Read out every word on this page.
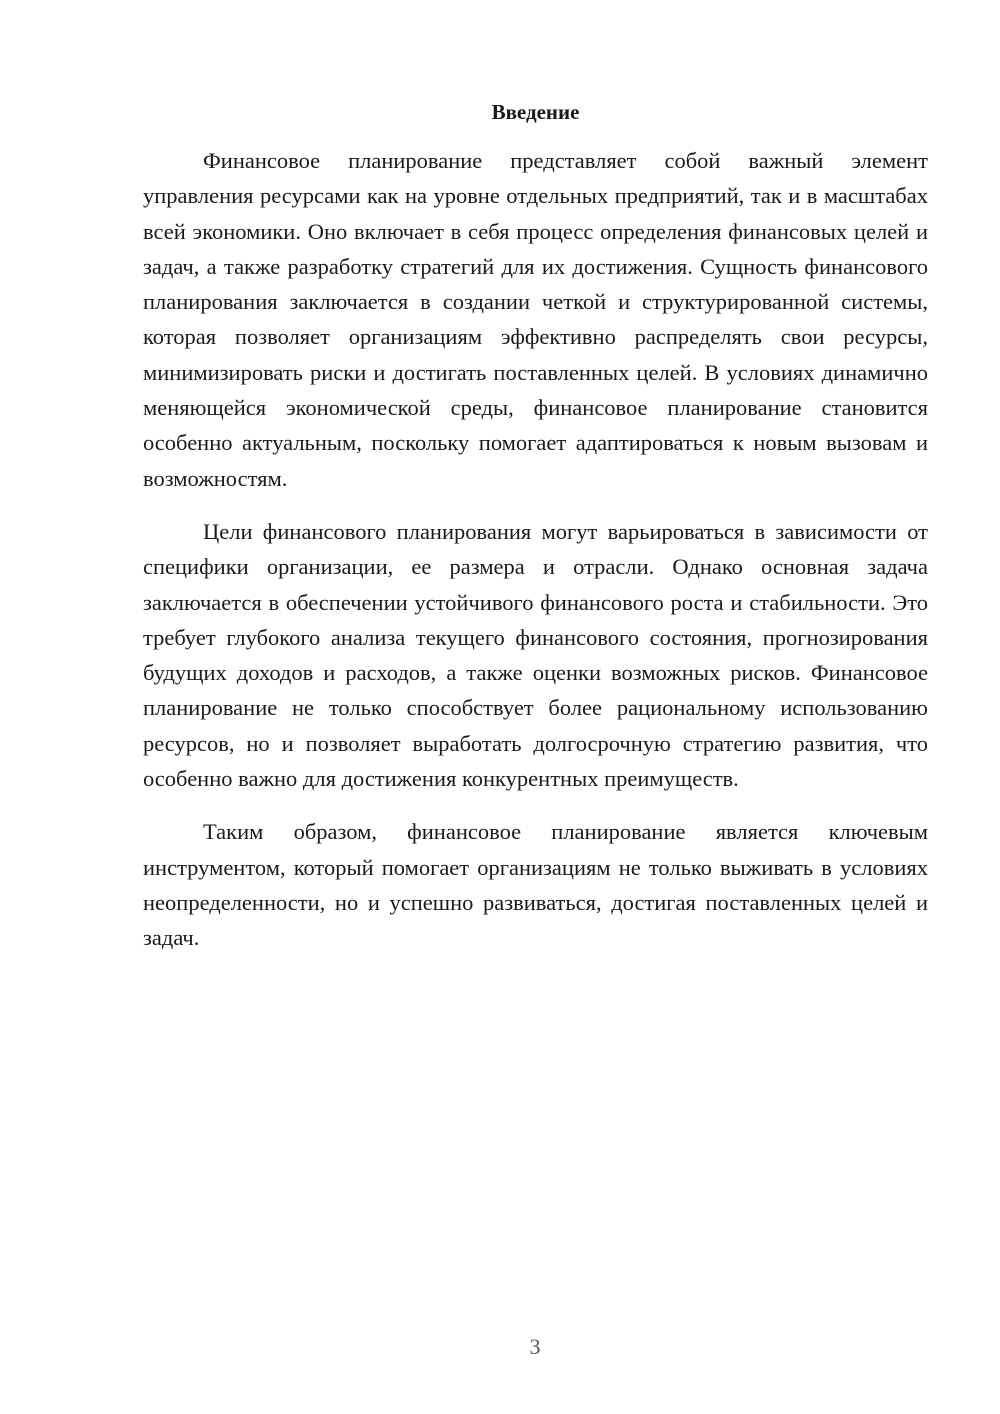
Введение

Финансовое планирование представляет собой важный элемент управления ресурсами как на уровне отдельных предприятий, так и в масштабах всей экономики. Оно включает в себя процесс определения финансовых целей и задач, а также разработку стратегий для их достижения. Сущность финансового планирования заключается в создании четкой и структурированной системы, которая позволяет организациям эффективно распределять свои ресурсы, минимизировать риски и достигать поставленных целей. В условиях динамично меняющейся экономической среды, финансовое планирование становится особенно актуальным, поскольку помогает адаптироваться к новым вызовам и возможностям.

Цели финансового планирования могут варьироваться в зависимости от специфики организации, ее размера и отрасли. Однако основная задача заключается в обеспечении устойчивого финансового роста и стабильности. Это требует глубокого анализа текущего финансового состояния, прогнозирования будущих доходов и расходов, а также оценки возможных рисков. Финансовое планирование не только способствует более рациональному использованию ресурсов, но и позволяет выработать долгосрочную стратегию развития, что особенно важно для достижения конкурентных преимуществ.

Таким образом, финансовое планирование является ключевым инструментом, который помогает организациям не только выживать в условиях неопределенности, но и успешно развиваться, достигая поставленных целей и задач.

3
